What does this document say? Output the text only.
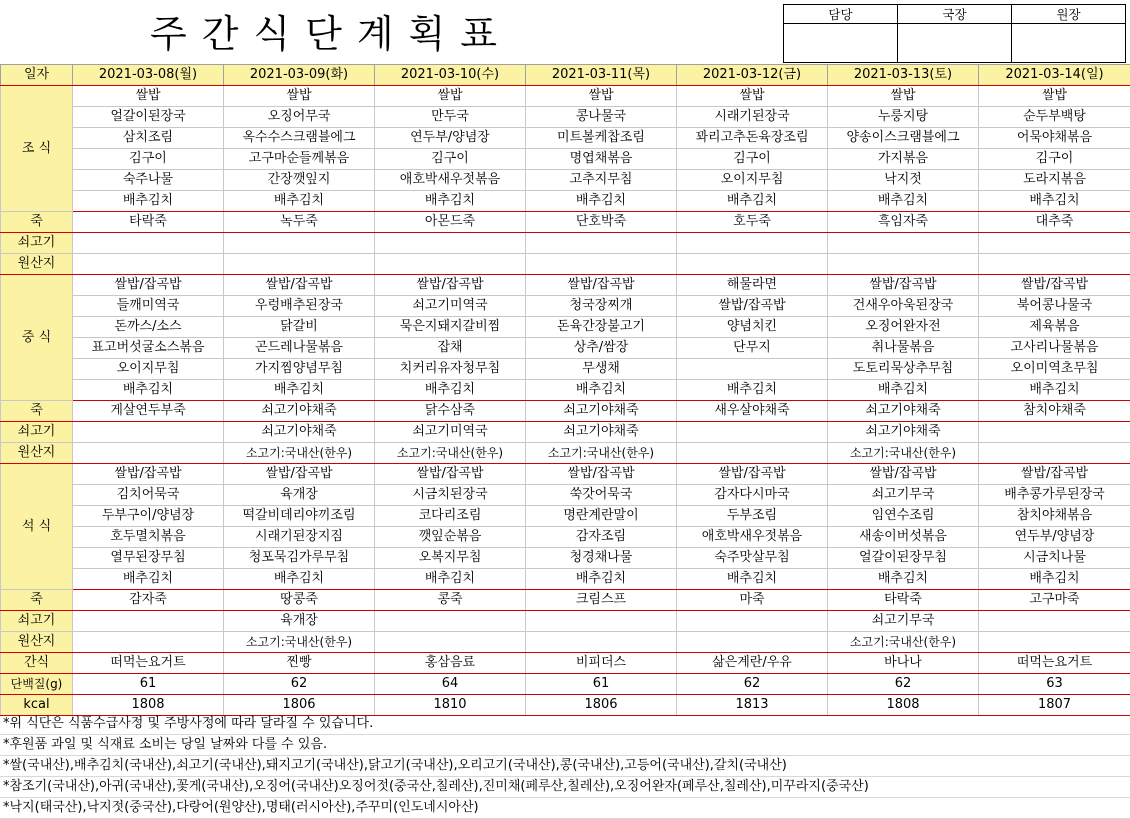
주간식단계획표	담당	국장	원장

일자	2021-03-08(월)	2021-03-09(화)	2021-03-10(수)	2021-03-11(목)	2021-03-12(금)	2021-03-13(토)	2021-03-14(일)
조 식	쌀밥	쌀밥	쌀밥	쌀밥	쌀밥	쌀밥	쌀밥
	얼갈이된장국	오징어무국	만두국	콩나물국	시래기된장국	누룽지탕	순두부백탕
	삼치조림	옥수수스크램블에그	연두부/양념장	미트볼케찹조림	꽈리고추돈육장조림	양송이스크램블에그	어묵야채볶음
	김구이	고구마순들께볶음	김구이	명엽채볶음	김구이	가지볶음	김구이
	숙주나물	간장깻잎지	애호박새우젓볶음	고추지무침	오이지무침	낙지젓	도라지볶음
	배추김치	배추김치	배추김치	배추김치	배추김치	배추김치	배추김치
죽	타락죽	녹두죽	아몬드죽	단호박죽	호두죽	흑임자죽	대추죽
쇠고기							
원산지							
중 식	쌀밥/잡곡밥	쌀밥/잡곡밥	쌀밥/잡곡밥	쌀밥/잡곡밥	해물라면	쌀밥/잡곡밥	쌀밥/잡곡밥
	들깨미역국	우렁배추된장국	쇠고기미역국	청국장찌개	쌀밥/잡곡밥	건새우아욱된장국	북어콩나물국
	돈까스/소스	닭갈비	묵은지돼지갈비찜	돈육간장불고기	양념치킨	오징어완자전	제육볶음
	표고버섯굴소스볶음	곤드레나물볶음	잡채	상추/쌈장	단무지	취나물볶음	고사리나물볶음
	오이지무침	가지찜양념무침	치커리유자청무침	무생채		도토리묵상추무침	오이미역초무침
	배추김치	배추김치	배추김치	배추김치	배추김치	배추김치	배추김치
죽	게살연두부죽	쇠고기야채죽	닭수삼죽	쇠고기야채죽	새우살야채죽	쇠고기야채죽	참치야채죽
쇠고기		쇠고기야채죽	쇠고기미역국	쇠고기야채죽		쇠고기야채죽	
원산지		소고기:국내산(한우)	소고기:국내산(한우)	소고기:국내산(한우)		소고기:국내산(한우)	
석 식	쌀밥/잡곡밥	쌀밥/잡곡밥	쌀밥/잡곡밥	쌀밥/잡곡밥	쌀밥/잡곡밥	쌀밥/잡곡밥	쌀밥/잡곡밥
	김치어묵국	육개장	시금치된장국	쑥갓어묵국	감자다시마국	쇠고기무국	배추콩가루된장국
	두부구이/양념장	떡갈비데리야끼조림	코다리조림	명란계란말이	두부조림	임연수조림	참치야채볶음
	호두멸치볶음	시래기된장지짐	깻잎순볶음	감자조림	애호박새우젓볶음	새송이버섯볶음	연두부/양념장
	열무된장무침	청포묵김가루무침	오복지무침	청경채나물	숙주맛살무침	얼갈이된장무침	시금치나물
	배추김치	배추김치	배추김치	배추김치	배추김치	배추김치	배추김치
죽	감자죽	땅콩죽	콩죽	크림스프	마죽	타락죽	고구마죽
쇠고기		육개장				쇠고기무국	
원산지		소고기:국내산(한우)				소고기:국내산(한우)	
간식	떠먹는요거트	찐빵	홍삼음료	비피더스	삶은계란/우유	바나나	떠먹는요거트
단백질(g)	61	62	64	61	62	62	63
kcal	1808	1806	1810	1806	1813	1808	1807
*위 식단은 식품수급사정 및 주방사정에 따라 달라질 수 있습니다.
*후원품 과일 및 식재료 소비는 당일 날짜와 다를 수 있음.
*쌀(국내산),배추김치(국내산),쇠고기(국내산),돼지고기(국내산),닭고기(국내산),오리고기(국내산),콩(국내산),고등어(국내산),갈치(국내산)
*참조기(국내산),아귀(국내산),꽃게(국내산),오징어(국내산)오징어젓(중국산,칠레산),진미채(페루산,칠레산),오징어완자(페루산,칠레산),미꾸라지(중국산)
*낙지(태국산),낙지젓(중국산),다랑어(원양산),명태(러시아산),주꾸미(인도네시아산)
